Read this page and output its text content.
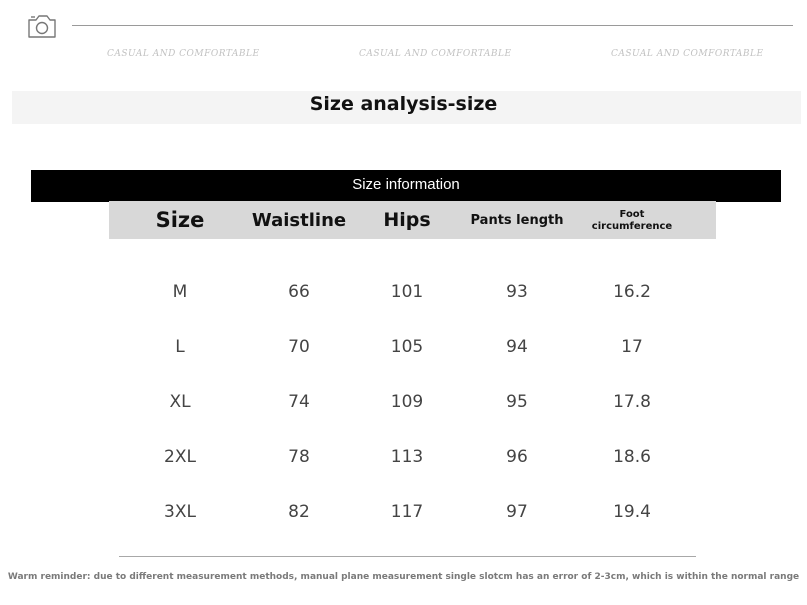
CASUAL AND COMFORTABLE	CASUAL AND COMFORTABLE	CASUAL AND COMFORTABLE
Size analysis-size
Size information
Size	Waistline	Hips	Pants length	Foot circumference
M	66	101	93	16.2
L	70	105	94	17
XL	74	109	95	17.8
2XL	78	113	96	18.6
3XL	82	117	97	19.4
Warm reminder: due to different measurement methods, manual plane measurement single slotcm has an error of 2-3cm, which is within the normal range
